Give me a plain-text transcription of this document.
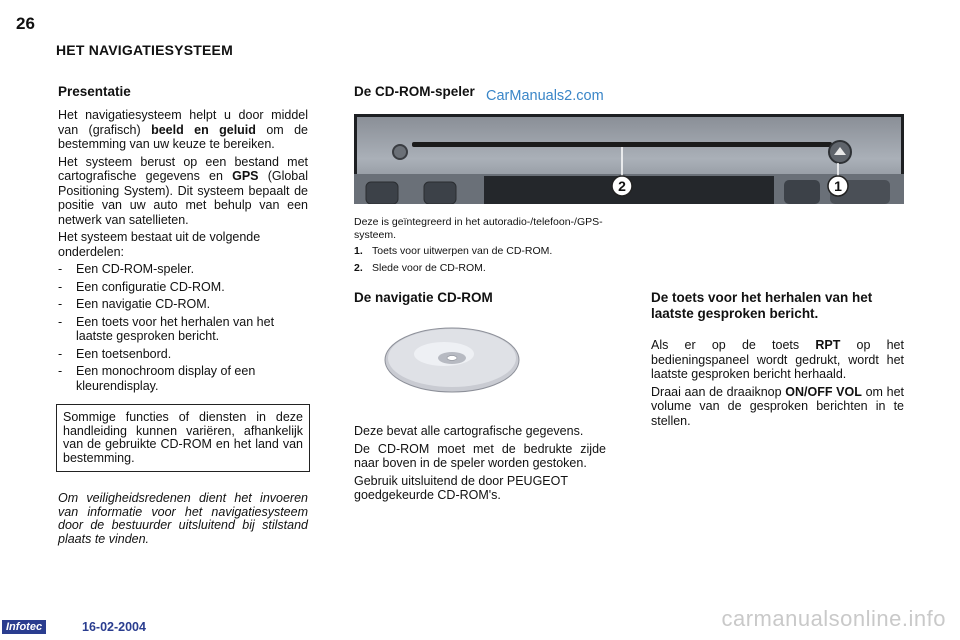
26
HET NAVIGATIESYSTEEM
Presentatie

Het navigatiesysteem helpt u door middel van (grafisch) beeld en geluid om de bestemming van uw keuze te bereiken.

Het systeem berust op een bestand met cartografische gegevens en GPS (Global Positioning System). Dit systeem bepaalt de positie van uw auto met behulp van een netwerk van satellieten.

Het systeem bestaat uit de volgende onderdelen:

- Een CD-ROM-speler.
- Een configuratie CD-ROM.
- Een navigatie CD-ROM.
- Een toets voor het herhalen van het laatste gesproken bericht.
- Een toetsenbord.
- Een monochroom display of een kleurendisplay.
Sommige functies of diensten in deze handleiding kunnen variëren, afhankelijk van de gebruikte CD-ROM en het land van bestemming.
Om veiligheidsredenen dient het invoeren van informatie voor het navigatiesysteem door de bestuurder uitsluitend bij stilstand plaats te vinden.
De CD-ROM-speler CarManuals2.com
2	1
Deze is geïntegreerd in het autoradio-/telefoon-/GPS-systeem.
1. Toets voor uitwerpen van de CD-ROM.
2. Slede voor de CD-ROM.
De navigatie CD-ROM

Deze bevat alle cartografische gegevens.

De CD-ROM moet met de bedrukte zijde naar boven in de speler worden gestoken.

Gebruik uitsluitend de door PEUGEOT goedgekeurde CD-ROM's.

De toets voor het herhalen van het laatste gesproken bericht.

Als er op de toets RPT op het bedieningspaneel wordt gedrukt, wordt het laatste gesproken bericht herhaald.

Draai aan de draaiknop ON/OFF VOL om het volume van de gesproken berichten in te stellen.

Infotec	16-02-2004	carmanualsonline.info
